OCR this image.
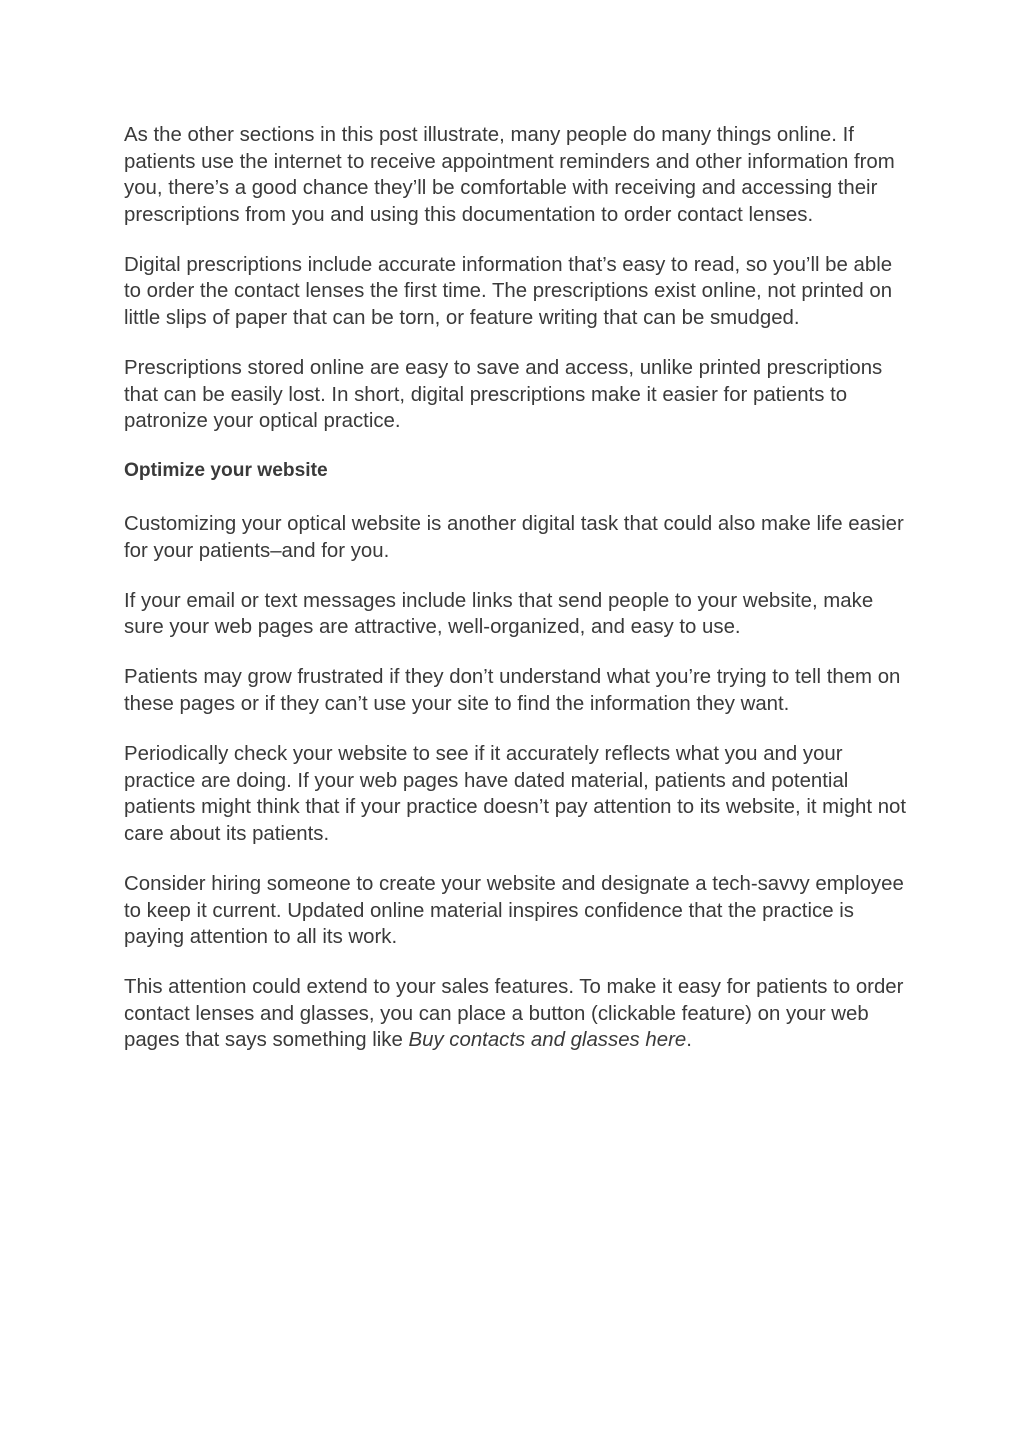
As the other sections in this post illustrate, many people do many things online. If patients use the internet to receive appointment reminders and other information from you, there’s a good chance they’ll be comfortable with receiving and accessing their prescriptions from you and using this documentation to order contact lenses.

Digital prescriptions include accurate information that’s easy to read, so you’ll be able to order the contact lenses the first time. The prescriptions exist online, not printed on little slips of paper that can be torn, or feature writing that can be smudged.

Prescriptions stored online are easy to save and access, unlike printed prescriptions that can be easily lost. In short, digital prescriptions make it easier for patients to patronize your optical practice.

Optimize your website

Customizing your optical website is another digital task that could also make life easier for your patients–and for you.

If your email or text messages include links that send people to your website, make sure your web pages are attractive, well-organized, and easy to use.

Patients may grow frustrated if they don’t understand what you’re trying to tell them on these pages or if they can’t use your site to find the information they want.

Periodically check your website to see if it accurately reflects what you and your practice are doing. If your web pages have dated material, patients and potential patients might think that if your practice doesn’t pay attention to its website, it might not care about its patients.

Consider hiring someone to create your website and designate a tech-savvy employee to keep it current. Updated online material inspires confidence that the practice is paying attention to all its work.

This attention could extend to your sales features. To make it easy for patients to order contact lenses and glasses, you can place a button (clickable feature) on your web pages that says something like Buy contacts and glasses here.
